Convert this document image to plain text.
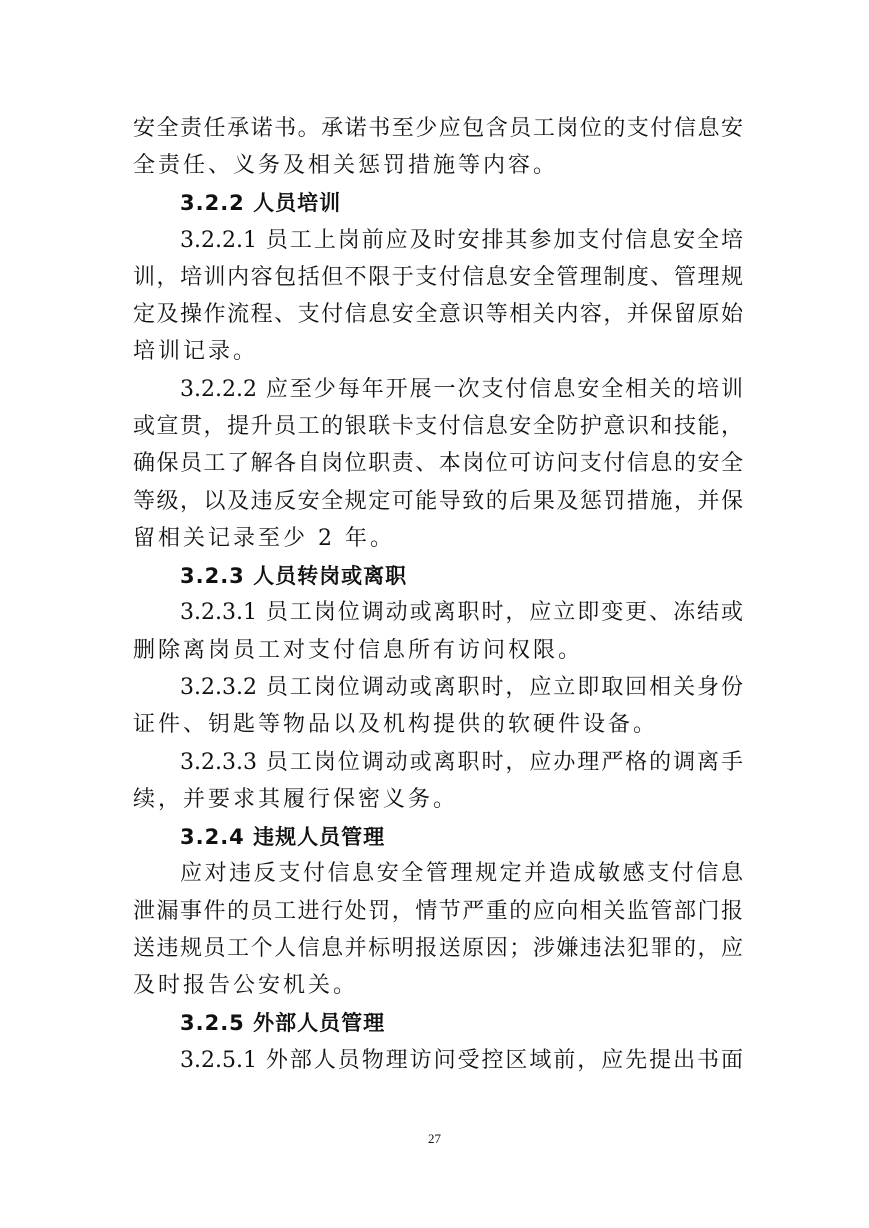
安全责任承诺书。承诺书至少应包含员工岗位的支付信息安
全责任、义务及相关惩罚措施等内容。
3.2.2 人员培训
3.2.2.1 员工上岗前应及时安排其参加支付信息安全培
训，培训内容包括但不限于支付信息安全管理制度、管理规
定及操作流程、支付信息安全意识等相关内容，并保留原始
培训记录。
3.2.2.2 应至少每年开展一次支付信息安全相关的培训
或宣贯，提升员工的银联卡支付信息安全防护意识和技能，
确保员工了解各自岗位职责、本岗位可访问支付信息的安全
等级，以及违反安全规定可能导致的后果及惩罚措施，并保
留相关记录至少 2 年。
3.2.3 人员转岗或离职
3.2.3.1 员工岗位调动或离职时，应立即变更、冻结或
删除离岗员工对支付信息所有访问权限。
3.2.3.2 员工岗位调动或离职时，应立即取回相关身份
证件、钥匙等物品以及机构提供的软硬件设备。
3.2.3.3 员工岗位调动或离职时，应办理严格的调离手
续，并要求其履行保密义务。
3.2.4 违规人员管理
应对违反支付信息安全管理规定并造成敏感支付信息
泄漏事件的员工进行处罚，情节严重的应向相关监管部门报
送违规员工个人信息并标明报送原因；涉嫌违法犯罪的，应
及时报告公安机关。
3.2.5 外部人员管理
3.2.5.1 外部人员物理访问受控区域前，应先提出书面
27
